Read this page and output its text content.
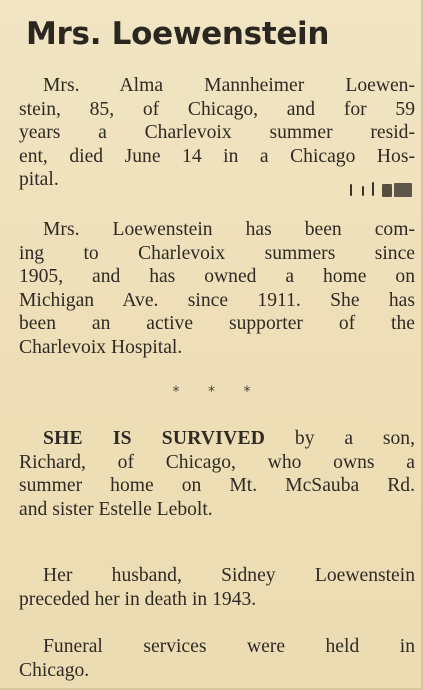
Mrs. Loewenstein

Mrs. Alma Mannheimer Loewen-
stein, 85, of Chicago, and for 59
years a Charlevoix summer resid-
ent, died June 14 in a Chicago Hos-
pital.

Mrs. Loewenstein has been com-
ing to Charlevoix summers since
1905, and has owned a home on
Michigan Ave. since 1911. She has
been an active supporter of the
Charlevoix Hospital.

* * *

SHE IS SURVIVED by a son,
Richard, of Chicago, who owns a
summer home on Mt. McSauba Rd.
and sister Estelle Lebolt.

Her husband, Sidney Loewenstein
preceded her in death in 1943.

Funeral services were held in
Chicago.
